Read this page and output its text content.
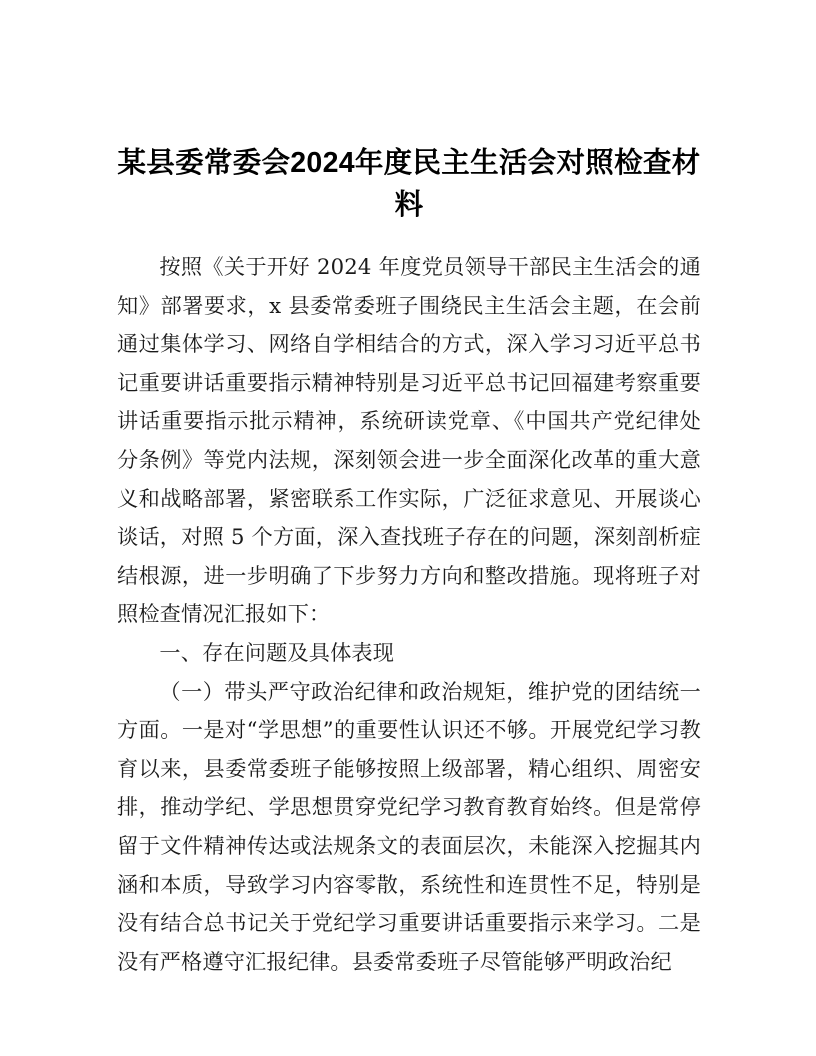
某县委常委会2024年度民主生活会对照检查材料

按照《关于开好 2024 年度党员领导干部民主生活会的通知》部署要求，x 县委常委班子围绕民主生活会主题，在会前通过集体学习、网络自学相结合的方式，深入学习习近平总书记重要讲话重要指示精神特别是习近平总书记回福建考察重要讲话重要指示批示精神，系统研读党章、《中国共产党纪律处分条例》等党内法规，深刻领会进一步全面深化改革的重大意义和战略部署，紧密联系工作实际，广泛征求意见、开展谈心谈话，对照 5 个方面，深入查找班子存在的问题，深刻剖析症结根源，进一步明确了下步努力方向和整改措施。现将班子对照检查情况汇报如下：

一、存在问题及具体表现

（一）带头严守政治纪律和政治规矩，维护党的团结统一方面。一是对“学思想”的重要性认识还不够。开展党纪学习教育以来，县委常委班子能够按照上级部署，精心组织、周密安排，推动学纪、学思想贯穿党纪学习教育教育始终。但是常停留于文件精神传达或法规条文的表面层次，未能深入挖掘其内涵和本质，导致学习内容零散，系统性和连贯性不足，特别是没有结合总书记关于党纪学习重要讲话重要指示来学习。二是没有严格遵守汇报纪律。县委常委班子尽管能够严明政治纪
